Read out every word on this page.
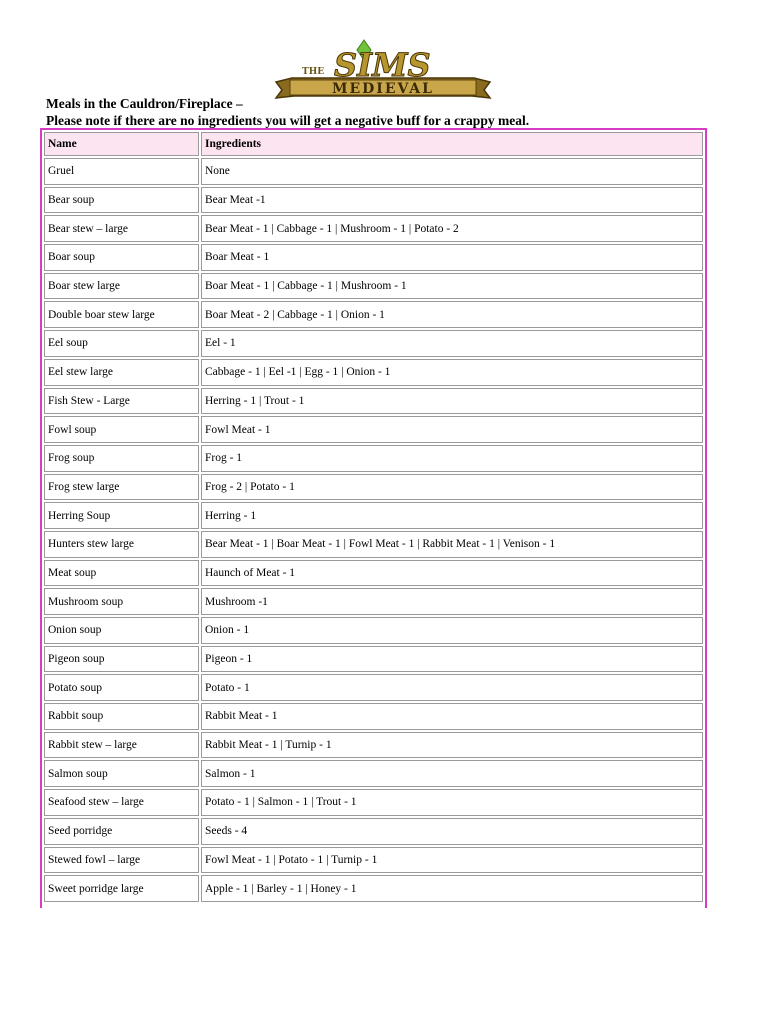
THE SIMS
MEDIEVAL
Meals in the Cauldron/Fireplace –
Please note if there are no ingredients you will get a negative buff for a crappy meal.
Name	Ingredients
Gruel	None
Bear soup	Bear Meat -1
Bear stew – large	Bear Meat - 1 | Cabbage - 1 | Mushroom - 1 | Potato - 2
Boar soup	Boar Meat - 1
Boar stew large	Boar Meat - 1 | Cabbage - 1 | Mushroom - 1
Double boar stew large	Boar Meat - 2 | Cabbage - 1 | Onion - 1
Eel soup	Eel - 1
Eel stew large	Cabbage - 1 | Eel -1 | Egg - 1 | Onion - 1
Fish Stew - Large	Herring - 1 | Trout - 1
Fowl soup	Fowl Meat - 1
Frog soup	Frog - 1
Frog stew large	Frog - 2 | Potato - 1
Herring Soup	Herring - 1
Hunters stew large	Bear Meat - 1 | Boar Meat - 1 | Fowl Meat - 1 | Rabbit Meat - 1 | Venison - 1
Meat soup	Haunch of Meat - 1
Mushroom soup	Mushroom -1
Onion soup	Onion - 1
Pigeon soup	Pigeon - 1
Potato soup	Potato - 1
Rabbit soup	Rabbit Meat - 1
Rabbit stew – large	Rabbit Meat - 1 | Turnip - 1
Salmon soup	Salmon - 1
Seafood stew – large	Potato - 1 | Salmon - 1 | Trout - 1
Seed porridge	Seeds - 4
Stewed fowl – large	Fowl Meat - 1 | Potato - 1 | Turnip - 1
Sweet porridge large	Apple - 1 | Barley - 1 | Honey - 1
